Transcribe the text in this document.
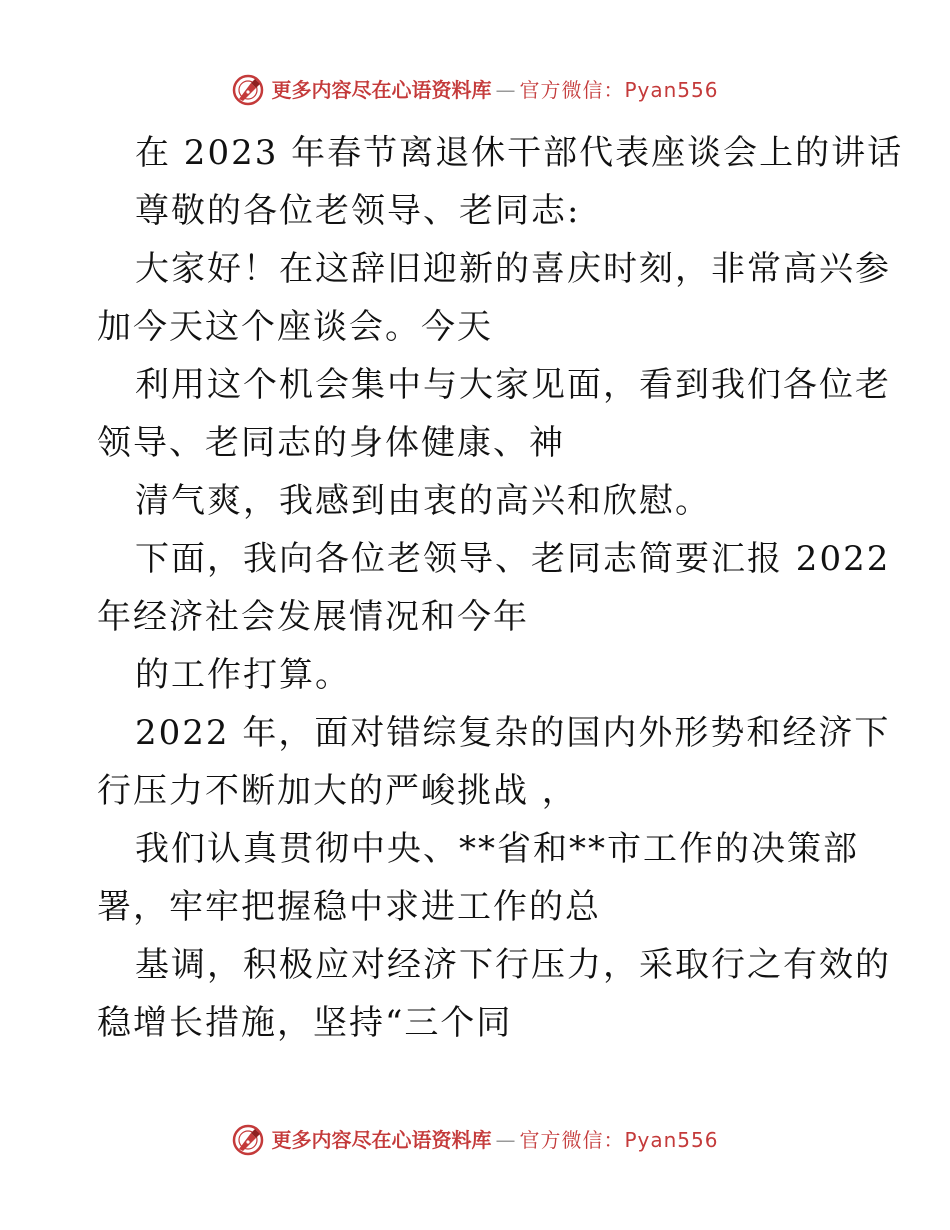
更多内容尽在心语资料库 — 官方微信：Pyan556
在 2023 年春节离退休干部代表座谈会上的讲话
尊敬的各位老领导、老同志:
大家好！在这辞旧迎新的喜庆时刻，非常高兴参
加今天这个座谈会。今天
利用这个机会集中与大家见面，看到我们各位老
领导、老同志的身体健康、神
清气爽，我感到由衷的高兴和欣慰。
下面，我向各位老领导、老同志简要汇报 2022
年经济社会发展情况和今年
的工作打算。
2022 年，面对错综复杂的国内外形势和经济下
行压力不断加大的严峻挑战 ，
我们认真贯彻中央、**省和**市工作的决策部
署，牢牢把握稳中求进工作的总
基调，积极应对经济下行压力，采取行之有效的
稳增长措施，坚持“三个同
更多内容尽在心语资料库 — 官方微信：Pyan556
